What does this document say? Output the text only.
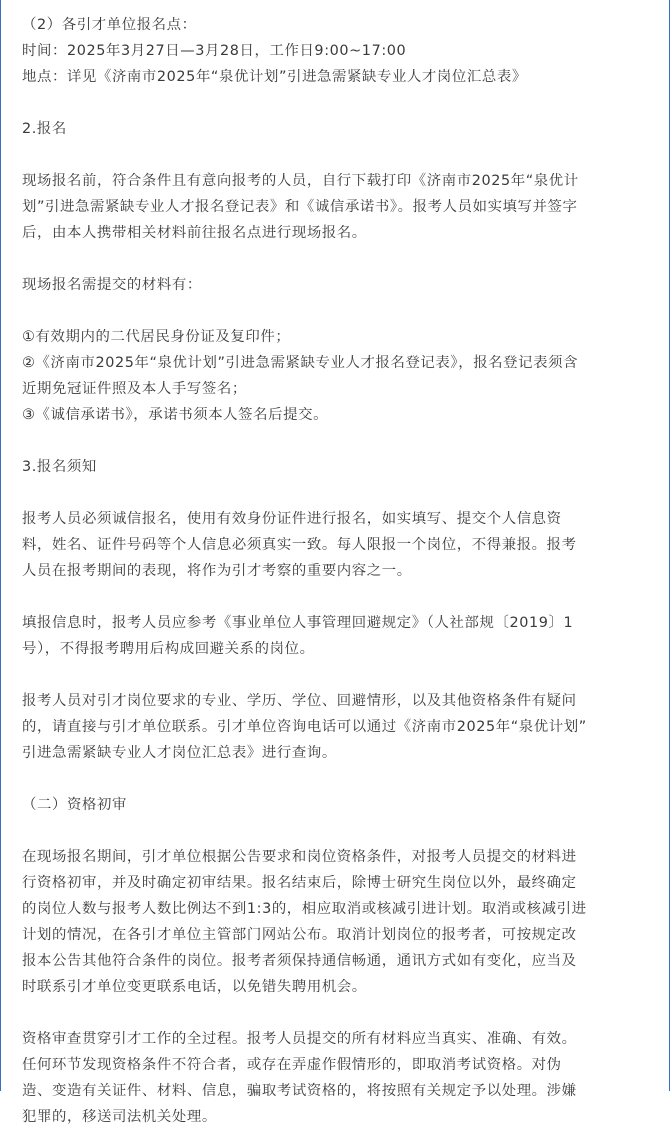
（2）各引才单位报名点：
时间：2025年3月27日—3月28日，工作日9:00~17:00
地点：详见《济南市2025年“泉优计划”引进急需紧缺专业人才岗位汇总表》
2.报名
现场报名前，符合条件且有意向报考的人员，自行下载打印《济南市2025年“泉优计
划”引进急需紧缺专业人才报名登记表》和《诚信承诺书》。报考人员如实填写并签字
后，由本人携带相关材料前往报名点进行现场报名。
现场报名需提交的材料有：
①有效期内的二代居民身份证及复印件；
②《济南市2025年“泉优计划”引进急需紧缺专业人才报名登记表》，报名登记表须含
近期免冠证件照及本人手写签名；
③《诚信承诺书》，承诺书须本人签名后提交。
3.报名须知
报考人员必须诚信报名，使用有效身份证件进行报名，如实填写、提交个人信息资
料，姓名、证件号码等个人信息必须真实一致。每人限报一个岗位，不得兼报。报考
人员在报考期间的表现，将作为引才考察的重要内容之一。
填报信息时，报考人员应参考《事业单位人事管理回避规定》（人社部规〔2019〕1
号），不得报考聘用后构成回避关系的岗位。
报考人员对引才岗位要求的专业、学历、学位、回避情形，以及其他资格条件有疑问
的，请直接与引才单位联系。引才单位咨询电话可以通过《济南市2025年“泉优计划”
引进急需紧缺专业人才岗位汇总表》进行查询。
（二）资格初审
在现场报名期间，引才单位根据公告要求和岗位资格条件，对报考人员提交的材料进
行资格初审，并及时确定初审结果。报名结束后，除博士研究生岗位以外，最终确定
的岗位人数与报考人数比例达不到1:3的，相应取消或核减引进计划。取消或核减引进
计划的情况，在各引才单位主管部门网站公布。取消计划岗位的报考者，可按规定改
报本公告其他符合条件的岗位。报考者须保持通信畅通，通讯方式如有变化，应当及
时联系引才单位变更联系电话，以免错失聘用机会。
资格审查贯穿引才工作的全过程。报考人员提交的所有材料应当真实、准确、有效。
任何环节发现资格条件不符合者，或存在弄虚作假情形的，即取消考试资格。对伪
造、变造有关证件、材料、信息，骗取考试资格的，将按照有关规定予以处理。涉嫌
犯罪的，移送司法机关处理。
